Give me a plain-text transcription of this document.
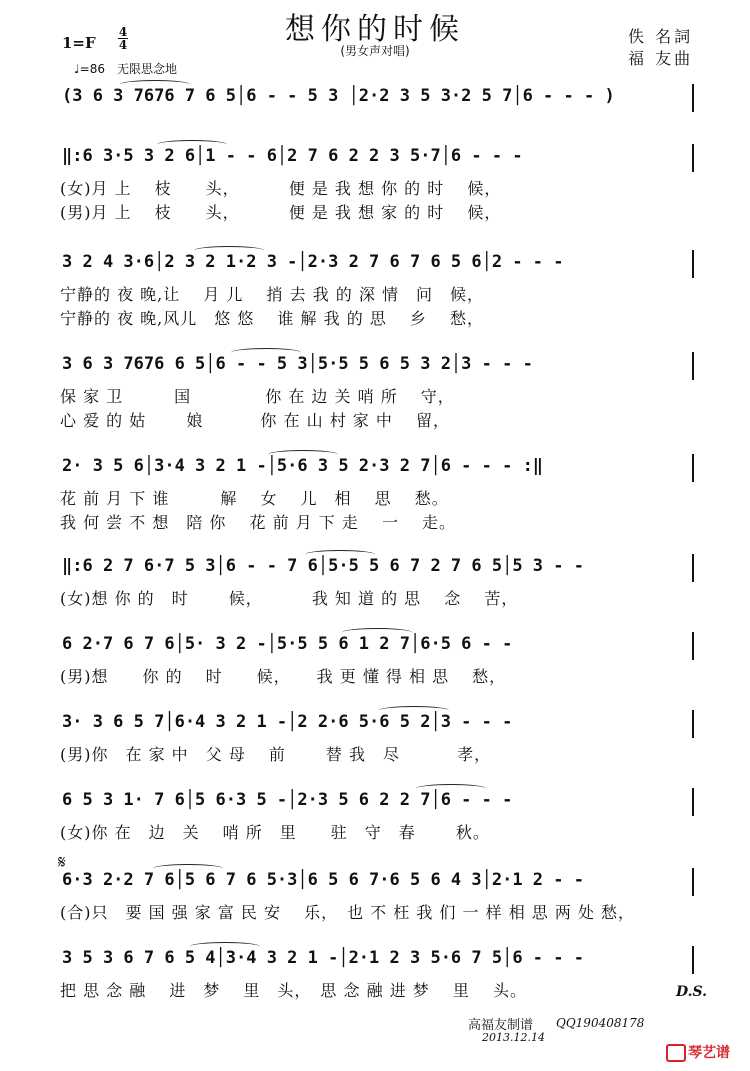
想你的时候
(男女声对唱)
1=F
4
4
♩=86　无限思念地
佚 名詞
福 友曲
(3 6 3 7676 7 6 5│6 - - 5 3 │2·2 3 5 3·2 5 7│6 - - - )
‖:6 3·5 3 2 6│1 - - 6│2 7 6 2 2 3 5·7│6 - - -
(女)月 上　 枝　　头，　　　 便 是 我 想 你 的 时　 候，
(男)月 上　 枝　　头，　　　 便 是 我 想 家 的 时　 候，
3 2 4 3·6│2 3 2 1·2 3 -│2·3 2 7 6 7 6 5 6│2 - - -
宁静的 夜 晚,让　 月 儿　 捎 去 我 的 深 情　问　候，
宁静的 夜 晚,风儿　悠 悠　 谁 解 我 的 思　 乡　 愁，
3 6 3 7676 6 5│6 - - 5 3│5·5 5 6 5 3 2│3 - - -
保 家 卫　　　国　　　　 你 在 边 关 哨 所　 守，
心 爱 的 姑　　 娘　　　 你 在 山 村 家 中　 留，
2· 3 5 6│3·4 3 2 1 -│5·6 3 5 2·3 2 7│6 - - - :‖
花 前 月 下 谁　　　解　 女　 儿　相　 思　 愁。
我 何 尝 不 想　陪 你　 花 前 月 下 走　 一　 走。
‖:6 2 7 6·7 5 3│6 - - 7 6│5·5 5 6 7 2 7 6 5│5 3 - -
(女)想 你 的　时　　 候，　　　 我 知 道 的 思　 念　 苦，
6 2·7 6 7 6│5· 3 2 -│5·5 5 6 1 2 7│6·5 6 - -
(男)想　　你 的　 时　　候，　　我 更 懂 得 相 思　 愁，
3· 3 6 5 7│6·4 3 2 1 -│2 2·6 5·6 5 2│3 - - -
(男)你　在 家 中　父 母　 前　　 替 我　尽　　　 孝，
6 5 3 1· 7 6│5 6·3 5 -│2·3 5 6 2 2 7│6 - - -
(女)你 在　边　关　 哨 所　里　　驻　守　春　　 秋。
6·3 2·2 7 6│5 6 7 6 5·3│6 5 6 7·6 5 6 4 3│2·1 2 - -
(合)只　要 国 强 家 富 民 安　 乐，　也 不 枉 我 们 一 样 相 思 两 处 愁，
3 5 3 6 7 6 5 4│3·4 3 2 1 -│2·1 2 3 5·6 7 5│6 - - -
把 思 念 融　 进　梦　 里　头，　思 念 融 进 梦　 里　 头。
𝄋
D.S.
高福友制谱 QQ190408178
2013.12.14
琴艺谱
